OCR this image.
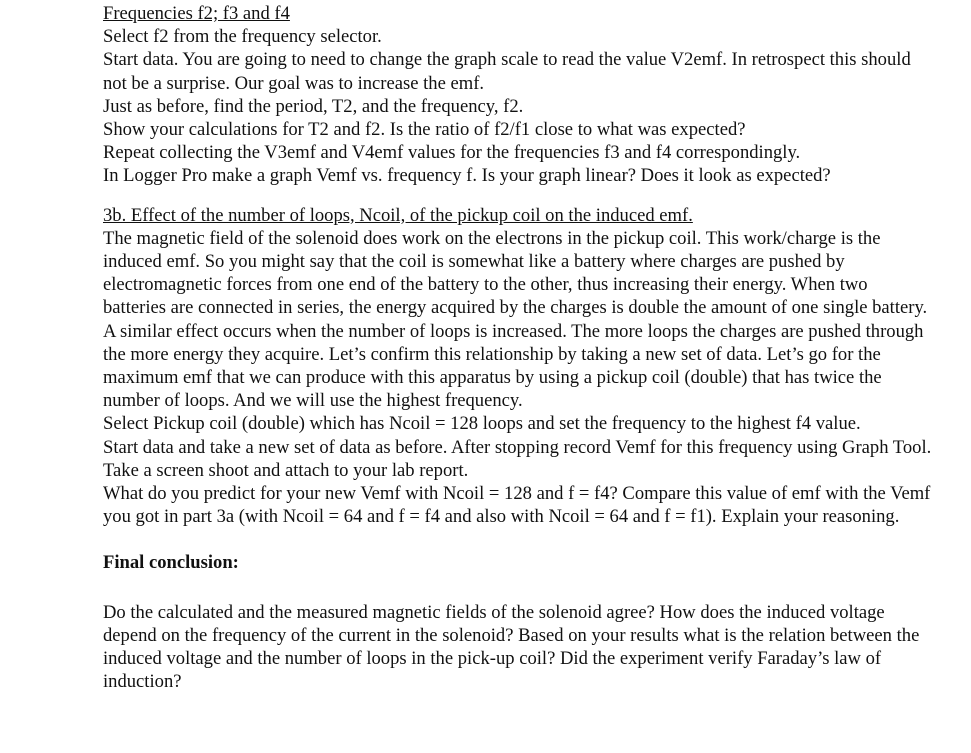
Frequencies f2; f3 and f4

Select f2 from the frequency selector.

Start data. You are going to need to change the graph scale to read the value V2emf. In retrospect this should not be a surprise. Our goal was to increase the emf.

Just as before, find the period, T2, and the frequency, f2.

Show your calculations for T2 and f2. Is the ratio of f2/f1 close to what was expected?

Repeat collecting the V3emf and V4emf values for the frequencies f3 and f4 correspondingly.

In Logger Pro make a graph Vemf vs. frequency f. Is your graph linear? Does it look as expected?

3b. Effect of the number of loops, Ncoil, of the pickup coil on the induced emf.

The magnetic field of the solenoid does work on the electrons in the pickup coil. This work/charge is the induced emf. So you might say that the coil is somewhat like a battery where charges are pushed by electromagnetic forces from one end of the battery to the other, thus increasing their energy. When two batteries are connected in series, the energy acquired by the charges is double the amount of one single battery.

A similar effect occurs when the number of loops is increased. The more loops the charges are pushed through the more energy they acquire. Let’s confirm this relationship by taking a new set of data. Let’s go for the maximum emf that we can produce with this apparatus by using a pickup coil (double) that has twice the number of loops. And we will use the highest frequency.

Select Pickup coil (double) which has Ncoil = 128 loops and set the frequency to the highest f4 value.

Start data and take a new set of data as before. After stopping record Vemf for this frequency using Graph Tool. Take a screen shoot and attach to your lab report.

What do you predict for your new Vemf with Ncoil = 128 and f = f4? Compare this value of emf with the Vemf you got in part 3a (with Ncoil = 64 and f = f4 and also with Ncoil = 64 and f = f1). Explain your reasoning.

Final conclusion:

Do the calculated and the measured magnetic fields of the solenoid agree? How does the induced voltage depend on the frequency of the current in the solenoid? Based on your results what is the relation between the induced voltage and the number of loops in the pick-up coil? Did the experiment verify Faraday’s law of induction?
